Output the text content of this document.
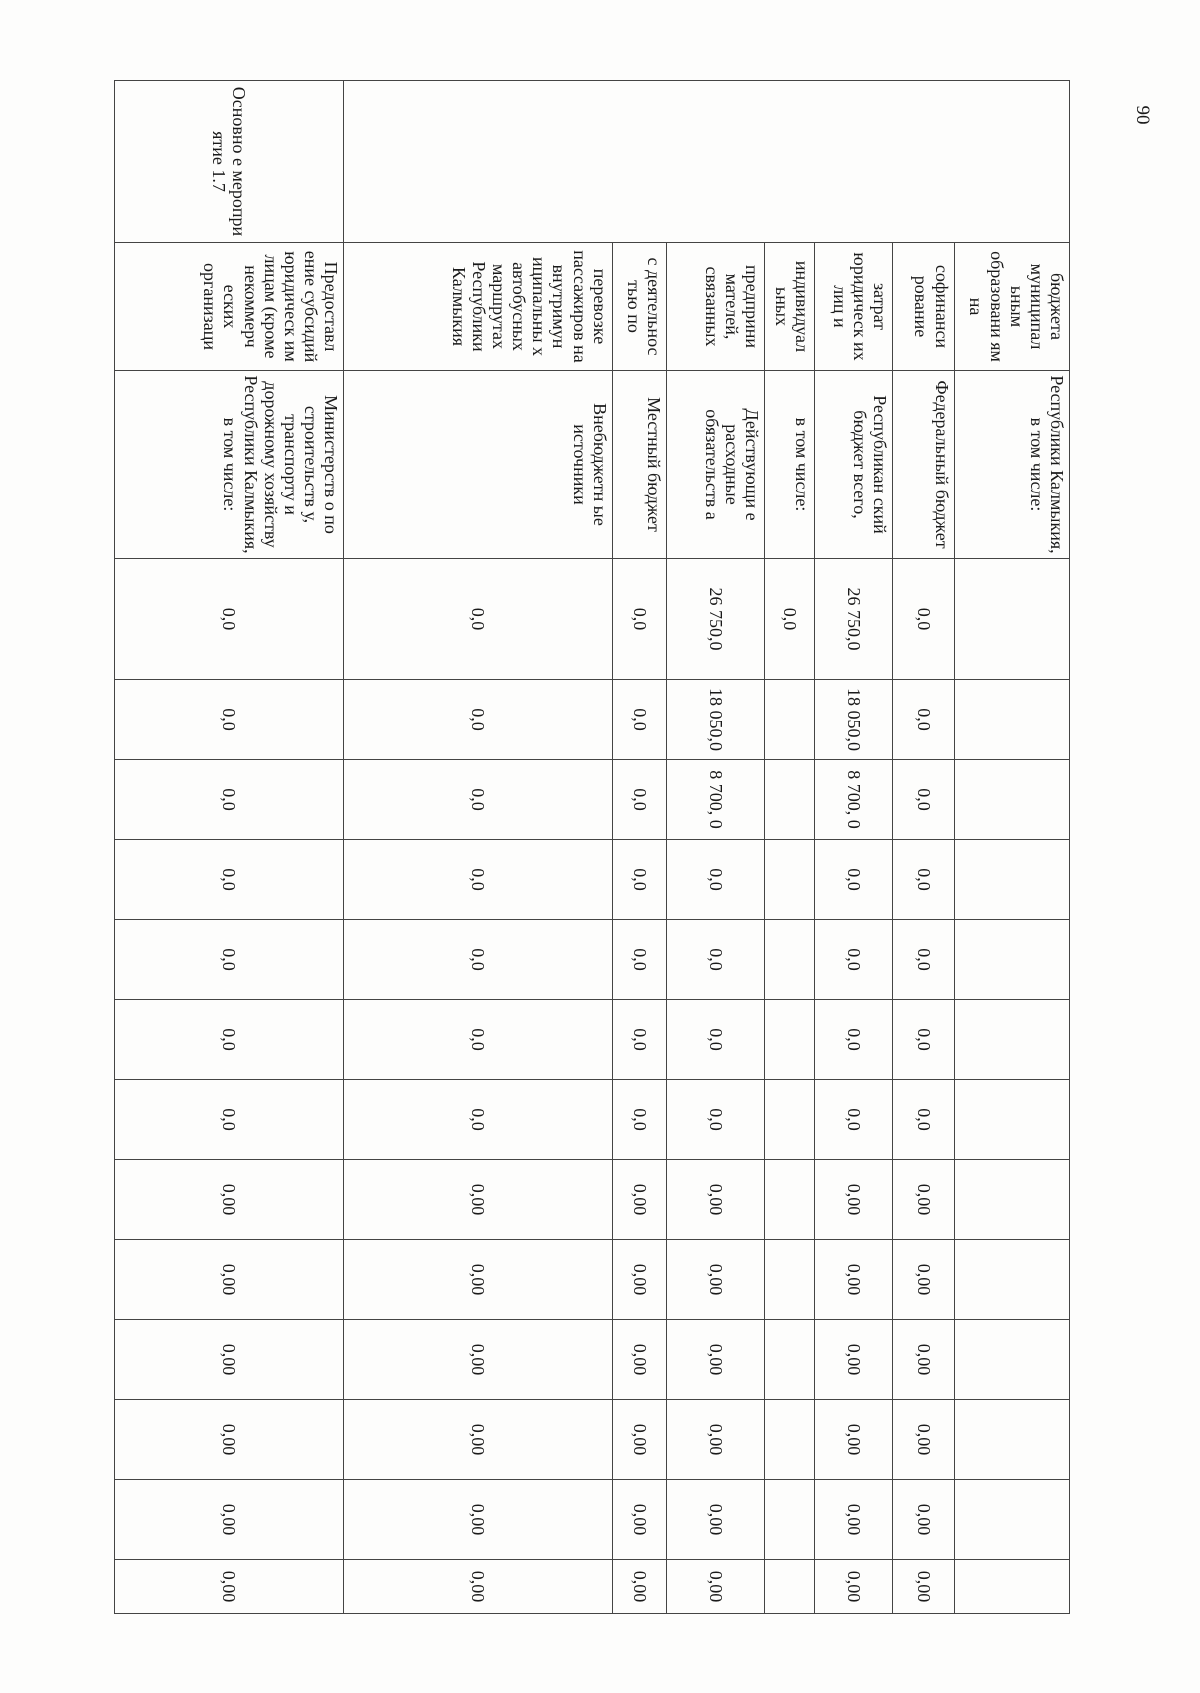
	бюджета муниципал ьным образовани ям на	Республики Калмыкия, в том числе:													
	софинанси рование	Федеральный бюджет	0,0	0,0	0,0	0,0	0,0	0,0	0,0	0,00	0,00	0,00	0,00	0,00	0,00
	затрат юридическ их лиц и	Республикан ский бюджет всего,	26 750,0	18 050,0	8 700, 0	0,0	0,0	0,0	0,0	0,00	0,00	0,00	0,00	0,00	0,00
	индивидуал ьных	в том числе:	0,0												
	предприни мателей, связанных	Действующи е расходные обязательств а	26 750,0	18 050,0	8 700, 0	0,0	0,0	0,0	0,0	0,00	0,00	0,00	0,00	0,00	0,00
	с деятельнос тью по	Местный бюджет	0,0	0,0	0,0	0,0	0,0	0,0	0,0	0,00	0,00	0,00	0,00	0,00	0,00
	перевозке пассажиров на внутримун иципальны х автобусных маршрутах Республики Калмыкия	Внебюджетн ые источники	0,0	0,0	0,0	0,0	0,0	0,0	0,0	0,00	0,00	0,00	0,00	0,00	0,00
Основно е меропри ятие 1.7	Предоставл ение субсидий юридическ им лицам (кроме некоммерч еских организаци	Министерств о по строительств у, транспорту и дорожному хозяйству Республики Калмыкия, в том числе:	0,0	0,0	0,0	0,0	0,0	0,0	0,0	0,00	0,00	0,00	0,00	0,00	0,00
90
